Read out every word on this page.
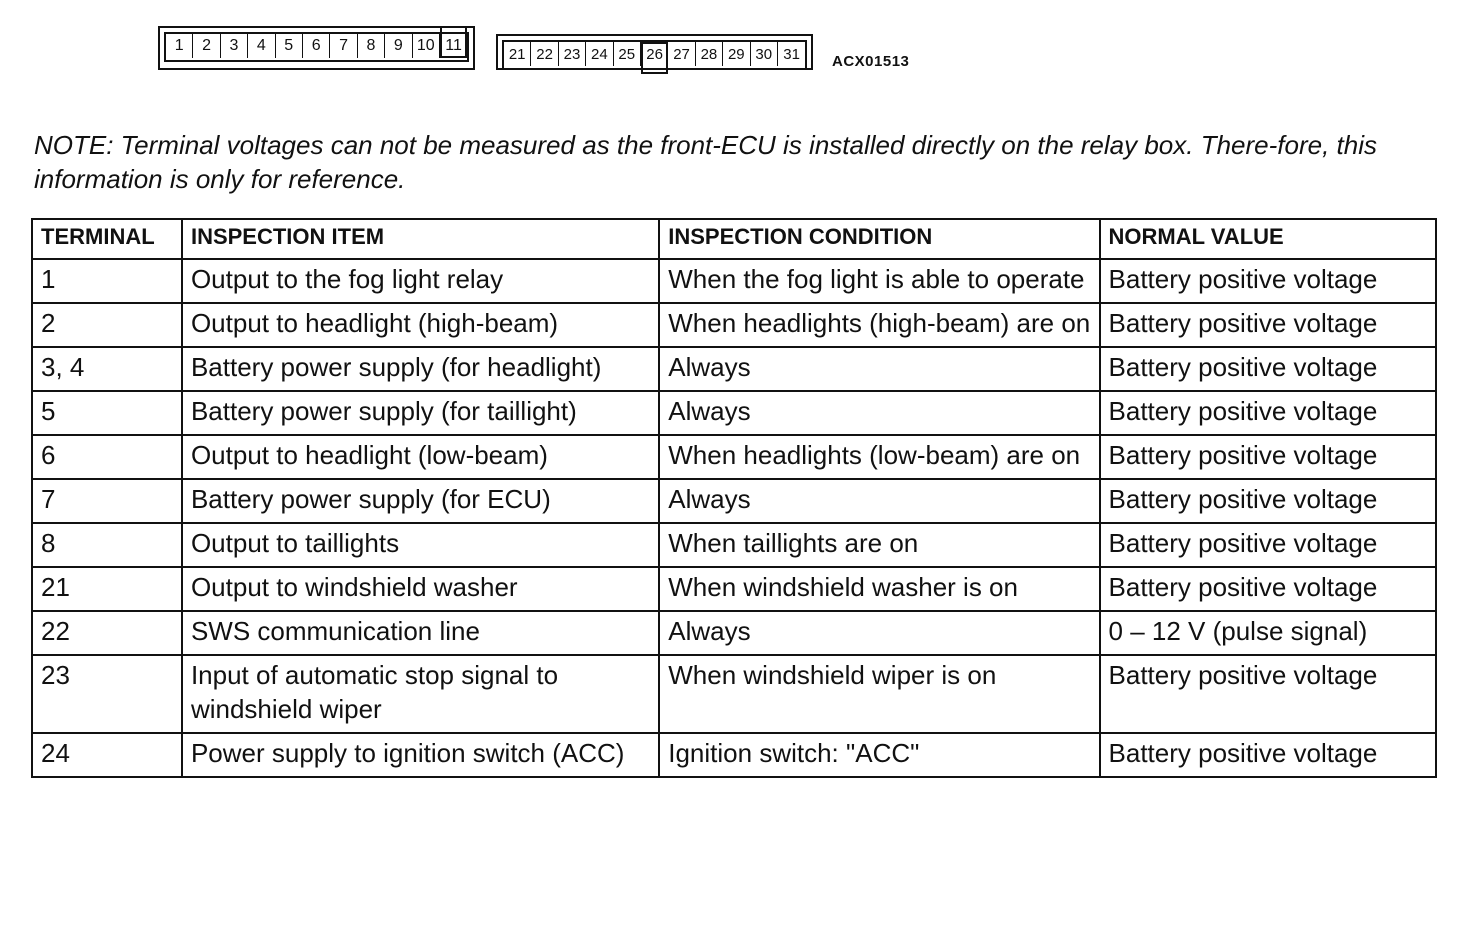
1	2	3	4	5	6	7	8	9 10 11	21 22 23 24 25 26 27 28 29 30 31	ACX01513

NOTE: Terminal voltages can not be measured as the front-ECU is installed directly on the relay box. There-fore, this information is only for reference.

TERMINAL	INSPECTION ITEM	INSPECTION CONDITION	NORMAL VALUE
1	Output to the fog light relay	When the fog light is able to operate	Battery positive voltage
2	Output to headlight (high-beam)	When headlights (high-beam) are on	Battery positive voltage
3, 4	Battery power supply (for headlight)	Always	Battery positive voltage
5	Battery power supply (for taillight)	Always	Battery positive voltage
6	Output to headlight (low-beam)	When headlights (low-beam) are on	Battery positive voltage
7	Battery power supply (for ECU)	Always	Battery positive voltage
8	Output to taillights	When taillights are on	Battery positive voltage
21	Output to windshield washer	When windshield washer is on	Battery positive voltage
22	SWS communication line	Always	0 – 12 V (pulse signal)
23	Input of automatic stop signal to windshield wiper	When windshield wiper is on	Battery positive voltage
24	Power supply to ignition switch (ACC)	Ignition switch: "ACC"	Battery positive voltage
